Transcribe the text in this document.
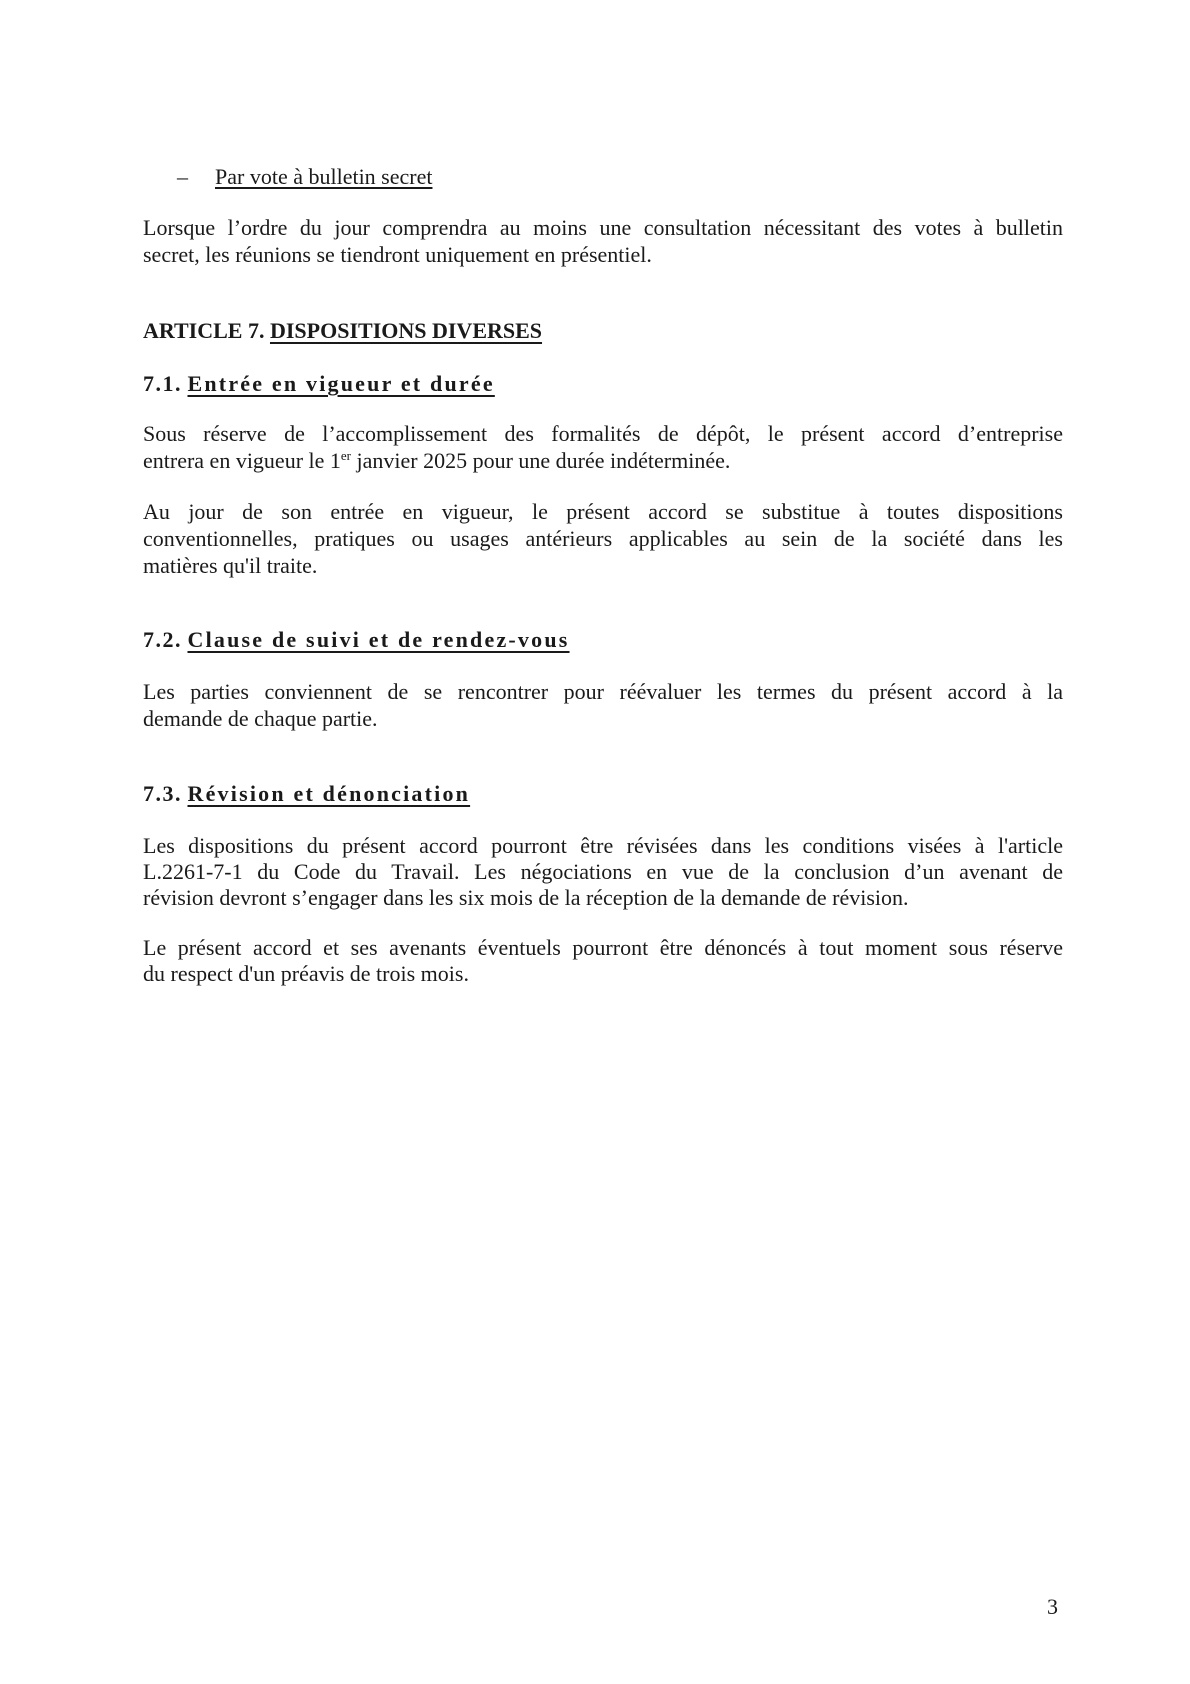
– Par vote à bulletin secret
Lorsque l’ordre du jour comprendra au moins une consultation nécessitant des votes à bulletin
secret, les réunions se tiendront uniquement en présentiel.
ARTICLE 7. DISPOSITIONS DIVERSES
7.1. Entrée en vigueur et durée
Sous réserve de l’accomplissement des formalités de dépôt, le présent accord d’entreprise
entrera en vigueur le 1er janvier 2025 pour une durée indéterminée.
Au jour de son entrée en vigueur, le présent accord se substitue à toutes dispositions
conventionnelles, pratiques ou usages antérieurs applicables au sein de la société dans les
matières qu'il traite.
7.2. Clause de suivi et de rendez-vous
Les parties conviennent de se rencontrer pour réévaluer les termes du présent accord à la
demande de chaque partie.
7.3. Révision et dénonciation
Les dispositions du présent accord pourront être révisées dans les conditions visées à l'article
L.2261-7-1 du Code du Travail. Les négociations en vue de la conclusion d’un avenant de
révision devront s’engager dans les six mois de la réception de la demande de révision.
Le présent accord et ses avenants éventuels pourront être dénoncés à tout moment sous réserve
du respect d'un préavis de trois mois.
3
